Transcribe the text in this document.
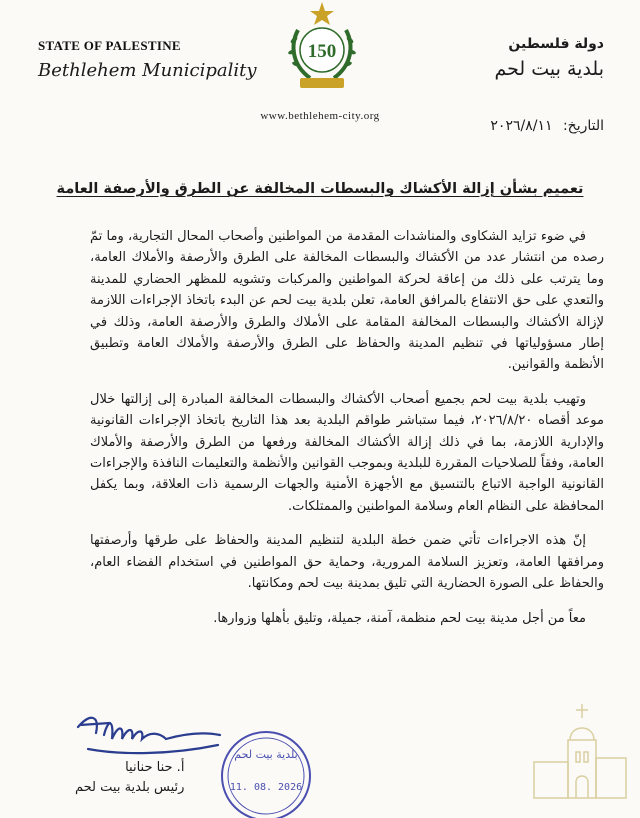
STATE OF PALESTINE
Bethlehem Municipality
150	دولة فلسطين
بلدية بيت لحم
www.bethlehem-city.org
التاريخ: ٢٠٢٦/٨/١١
تعميم بشأن إزالة الأكشاك والبسطات المخالفة عن الطرق والأرصفة العامة

في ضوء تزايد الشكاوى والمناشدات المقدمة من المواطنين وأصحاب المحال التجارية، وما تمّ رصده من انتشار عدد من الأكشاك والبسطات المخالفة على الطرق والأرصفة والأملاك العامة، وما يترتب على ذلك من إعاقة لحركة المواطنين والمركبات وتشويه للمظهر الحضاري للمدينة والتعدي على حق الانتفاع بالمرافق العامة، تعلن بلدية بيت لحم عن البدء باتخاذ الإجراءات اللازمة لإزالة الأكشاك والبسطات المخالفة المقامة على الأملاك والطرق والأرصفة العامة، وذلك في إطار مسؤولياتها في تنظيم المدينة والحفاظ على الطرق والأرصفة والأملاك العامة وتطبيق الأنظمة والقوانين.

وتهيب بلدية بيت لحم بجميع أصحاب الأكشاك والبسطات المخالفة المبادرة إلى إزالتها خلال موعد أقصاه ٢٠٢٦/٨/٢٠، فيما ستباشر طواقم البلدية بعد هذا التاريخ باتخاذ الإجراءات القانونية والإدارية اللازمة، بما في ذلك إزالة الأكشاك المخالفة ورفعها من الطرق والأرصفة والأملاك العامة، وفقاً للصلاحيات المقررة للبلدية وبموجب القوانين والأنظمة والتعليمات النافذة والإجراءات القانونية الواجبة الاتباع بالتنسيق مع الأجهزة الأمنية والجهات الرسمية ذات العلاقة، وبما يكفل المحافظة على النظام العام وسلامة المواطنين والممتلكات.

إنّ هذه الاجراءات تأتي ضمن خطة البلدية لتنظيم المدينة والحفاظ على طرقها وأرصفتها ومرافقها العامة، وتعزيز السلامة المرورية، وحماية حق المواطنين في استخدام الفضاء العام، والحفاظ على الصورة الحضارية التي تليق بمدينة بيت لحم ومكانتها.

معاً من أجل مدينة بيت لحم منظمة، آمنة، جميلة، وتليق بأهلها وزوارها.

بلدية بيت لحم
11. 08. 2026
أ. حنا حنانيا
رئيس بلدية بيت لحم
